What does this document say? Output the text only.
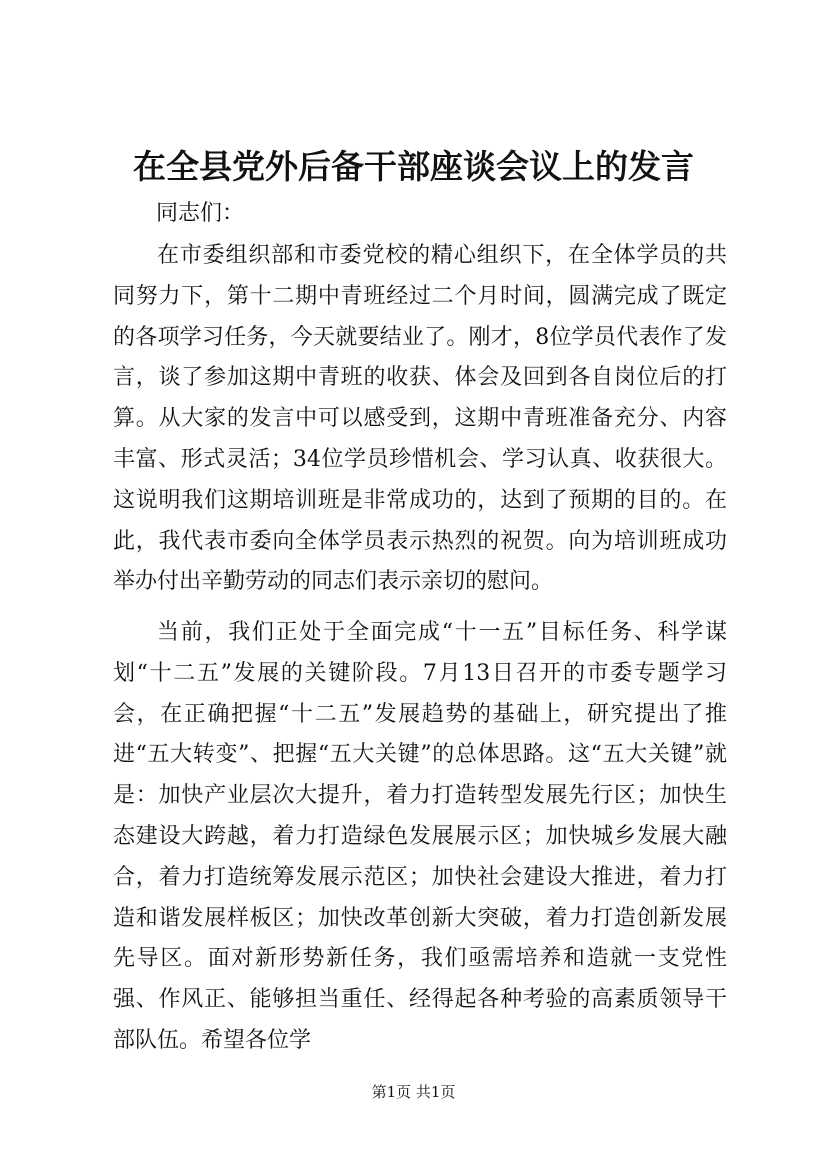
在全县党外后备干部座谈会议上的发言

同志们：

在市委组织部和市委党校的精心组织下，在全体学员的共同努力下，第十二期中青班经过二个月时间，圆满完成了既定的各项学习任务，今天就要结业了。刚才，8位学员代表作了发言，谈了参加这期中青班的收获、体会及回到各自岗位后的打算。从大家的发言中可以感受到，这期中青班准备充分、内容丰富、形式灵活；34位学员珍惜机会、学习认真、收获很大。这说明我们这期培训班是非常成功的，达到了预期的目的。在此，我代表市委向全体学员表示热烈的祝贺。向为培训班成功举办付出辛勤劳动的同志们表示亲切的慰问。

当前，我们正处于全面完成“十一五”目标任务、科学谋划“十二五”发展的关键阶段。7月13日召开的市委专题学习会，在正确把握“十二五”发展趋势的基础上，研究提出了推进“五大转变”、把握“五大关键”的总体思路。这“五大关键”就是：加快产业层次大提升，着力打造转型发展先行区；加快生态建设大跨越，着力打造绿色发展展示区；加快城乡发展大融合，着力打造统筹发展示范区；加快社会建设大推进，着力打造和谐发展样板区；加快改革创新大突破，着力打造创新发展先导区。面对新形势新任务，我们亟需培养和造就一支党性强、作风正、能够担当重任、经得起各种考验的高素质领导干部队伍。希望各位学

第1页 共1页
